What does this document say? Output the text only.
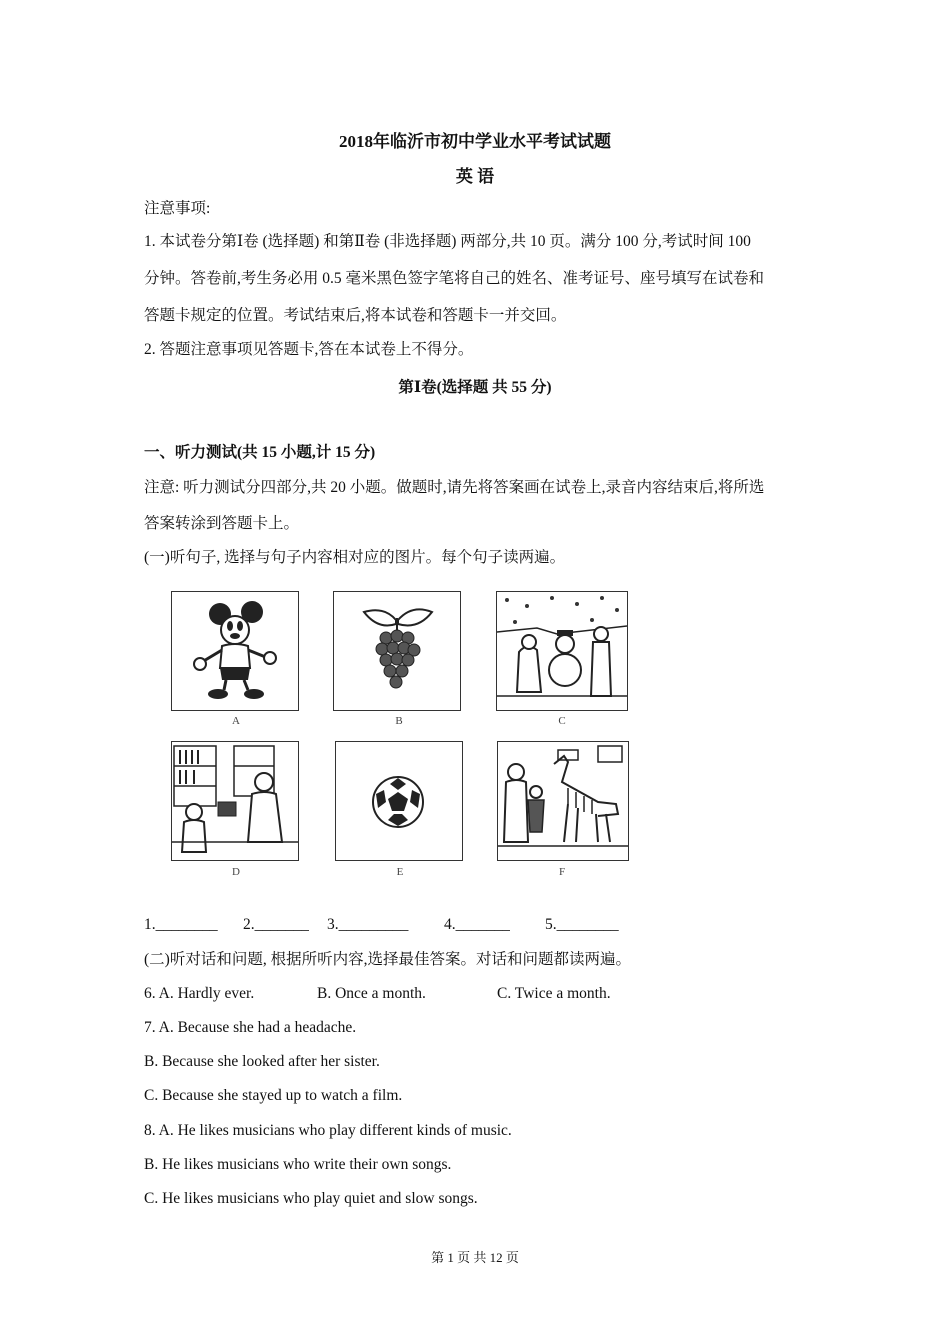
2018年临沂市初中学业水平考试试题
英 语
注意事项:
1. 本试卷分第Ⅰ卷 (选择题) 和第Ⅱ卷 (非选择题) 两部分,共 10 页。满分 100 分,考试时间 100
分钟。答卷前,考生务必用 0.5 毫米黑色签字笔将自己的姓名、准考证号、座号填写在试卷和
答题卡规定的位置。考试结束后,将本试卷和答题卡一并交回。
2. 答题注意事项见答题卡,答在本试卷上不得分。
第Ⅰ卷(选择题 共 55 分)
一、听力测试(共 15 小题,计 15 分)
注意: 听力测试分四部分,共 20 小题。做题时,请先将答案画在试卷上,录音内容结束后,将所选
答案转涂到答题卡上。
(一)听句子, 选择与句子内容相对应的图片。每个句子读两遍。
A	B	C
D	E	F
1.________ 2._______ 3._________ 4._______ 5.________
(二)听对话和问题, 根据所听内容,选择最佳答案。对话和问题都读两遍。
6. A. Hardly ever.	B. Once a month.	C. Twice a month.
7. A. Because she had a headache.
B. Because she looked after her sister.
C. Because she stayed up to watch a film.
8. A. He likes musicians who play different kinds of music.
B. He likes musicians who write their own songs.
C. He likes musicians who play quiet and slow songs.
第 1 页 共 12 页
